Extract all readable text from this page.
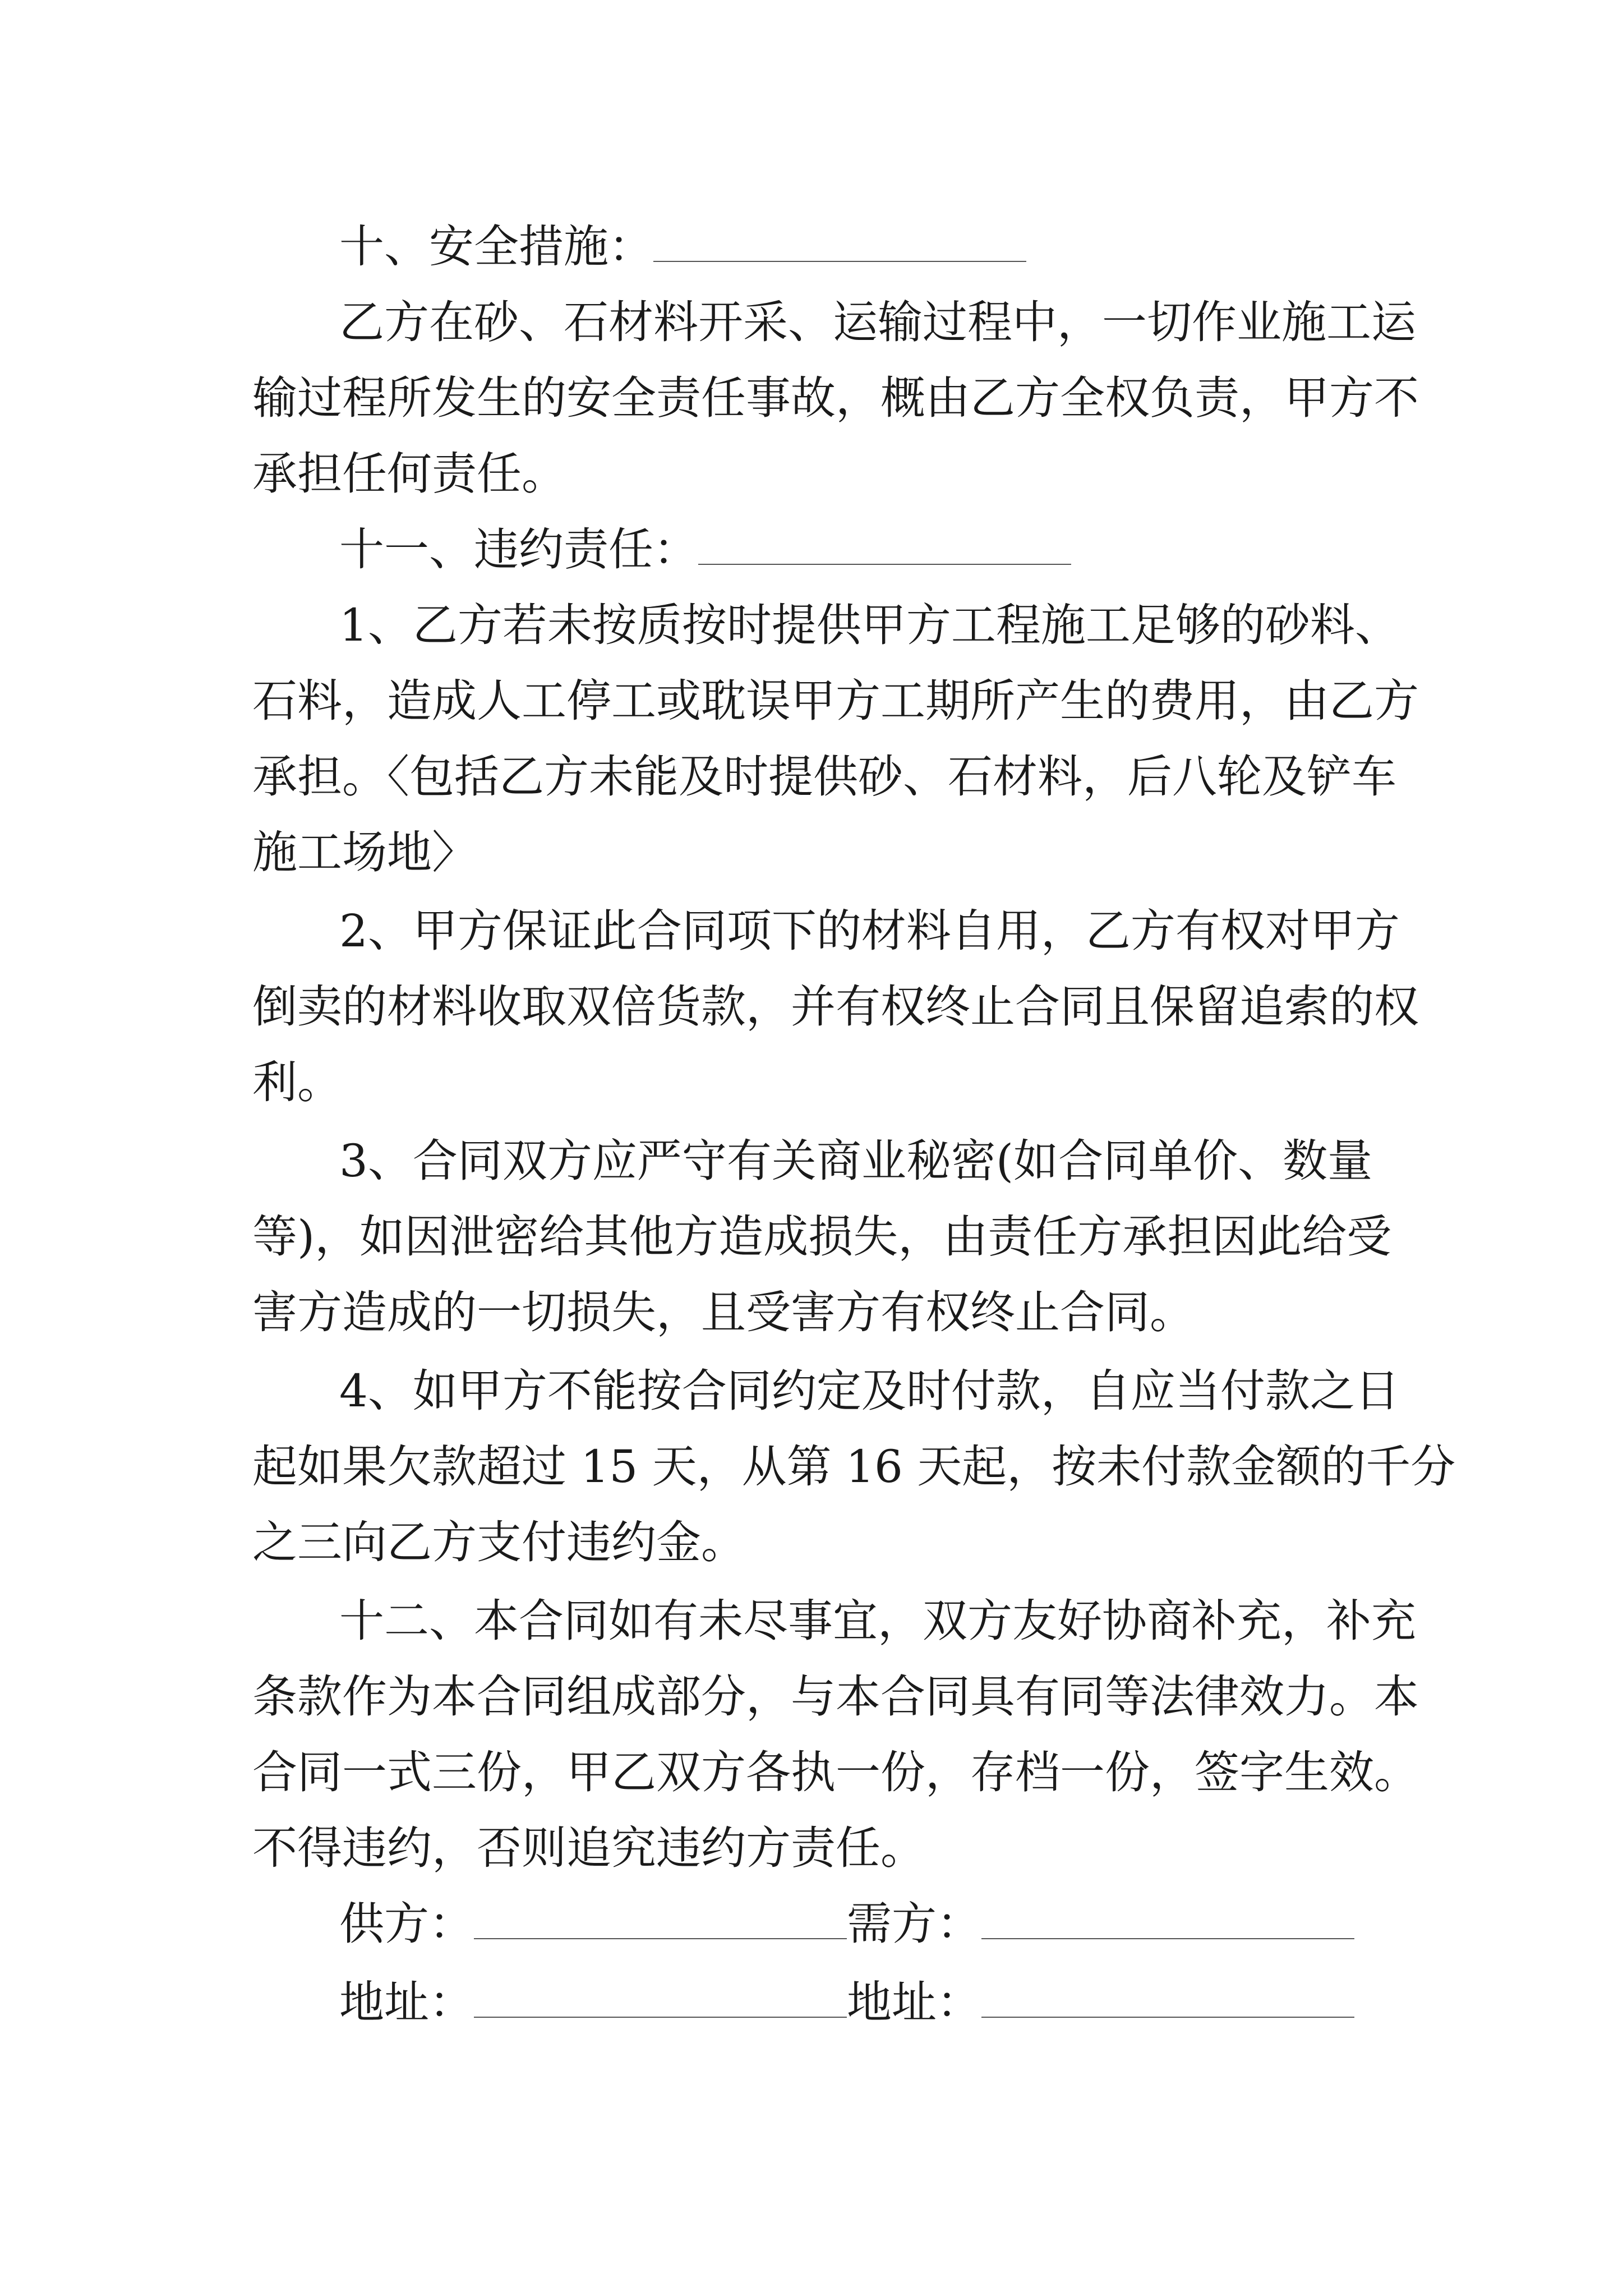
十、安全措施：
乙方在砂、石材料开采、运输过程中，一切作业施工运
输过程所发生的安全责任事故，概由乙方全权负责，甲方不
承担任何责任。
十一、违约责任：
1、乙方若未按质按时提供甲方工程施工足够的砂料、
石料，造成人工停工或耽误甲方工期所产生的费用，由乙方
承担。〈包括乙方未能及时提供砂、石材料，后八轮及铲车
施工场地〉
2、甲方保证此合同项下的材料自用，乙方有权对甲方
倒卖的材料收取双倍货款，并有权终止合同且保留追索的权
利。
3、合同双方应严守有关商业秘密(如合同单价、数量
等)，如因泄密给其他方造成损失，由责任方承担因此给受
害方造成的一切损失，且受害方有权终止合同。
4、如甲方不能按合同约定及时付款，自应当付款之日
起如果欠款超过 15 天，从第 16 天起，按未付款金额的千分
之三向乙方支付违约金。
十二、本合同如有未尽事宜，双方友好协商补充，补充
条款作为本合同组成部分，与本合同具有同等法律效力。本
合同一式三份，甲乙双方各执一份，存档一份，签字生效。
不得违约，否则追究违约方责任。
供方：	需方：
地址：	地址：
